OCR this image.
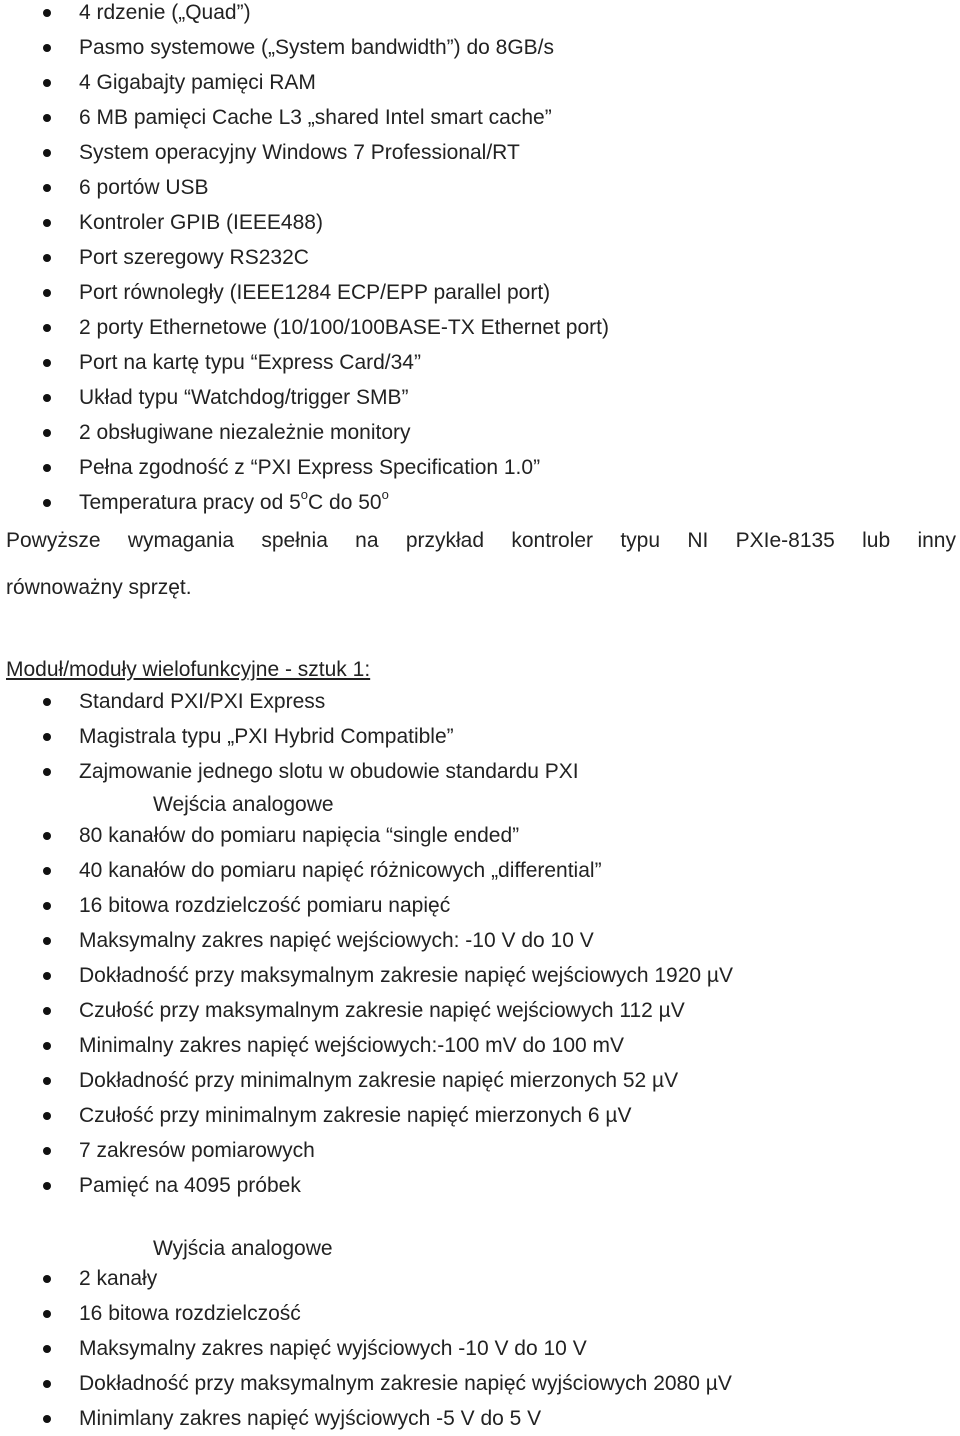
4 rdzenie („Quad”)
Pasmo systemowe („System bandwidth”) do 8GB/s
4 Gigabajty pamięci RAM
6 MB pamięci Cache L3 „shared Intel smart cache”
System operacyjny Windows 7 Professional/RT
6 portów USB
Kontroler GPIB (IEEE488)
Port szeregowy RS232C
Port równoległy (IEEE1284 ECP/EPP parallel port)
2 porty Ethernetowe (10/100/100BASE-TX Ethernet port)
Port na kartę typu “Express Card/34”
Układ typu “Watchdog/trigger SMB”
2 obsługiwane niezależnie monitory
Pełna zgodność z “PXI Express Specification 1.0”
Temperatura pracy od 5$^o$C do 50$^o$

Powyższe wymagania spełnia na przykład kontroler typu NI PXIe-8135 lub inny
równoważny sprzęt.

Moduł/moduły wielofunkcyjne - sztuk 1:

Standard PXI/PXI Express
Magistrala typu „PXI Hybrid Compatible”
Zajmowanie jednego slotu w obudowie standardu PXI

Wejścia analogowe

80 kanałów do pomiaru napięcia “single ended”
40 kanałów do pomiaru napięć różnicowych „differential”
16 bitowa rozdzielczość pomiaru napięć
Maksymalny zakres napięć wejściowych: -10 V do 10 V
Dokładność przy maksymalnym zakresie napięć wejściowych 1920 µV
Czułość przy maksymalnym zakresie napięć wejściowych 112 µV
Minimalny zakres napięć wejściowych:-100 mV do 100 mV
Dokładność przy minimalnym zakresie napięć mierzonych 52 µV
Czułość przy minimalnym zakresie napięć mierzonych 6 µV
7 zakresów pomiarowych
Pamięć na 4095 próbek

Wyjścia analogowe

2 kanały
16 bitowa rozdzielczość
Maksymalny zakres napięć wyjściowych -10 V do 10 V
Dokładność przy maksymalnym zakresie napięć wyjściowych 2080 µV
Minimlany zakres napięć wyjściowych -5 V do 5 V
